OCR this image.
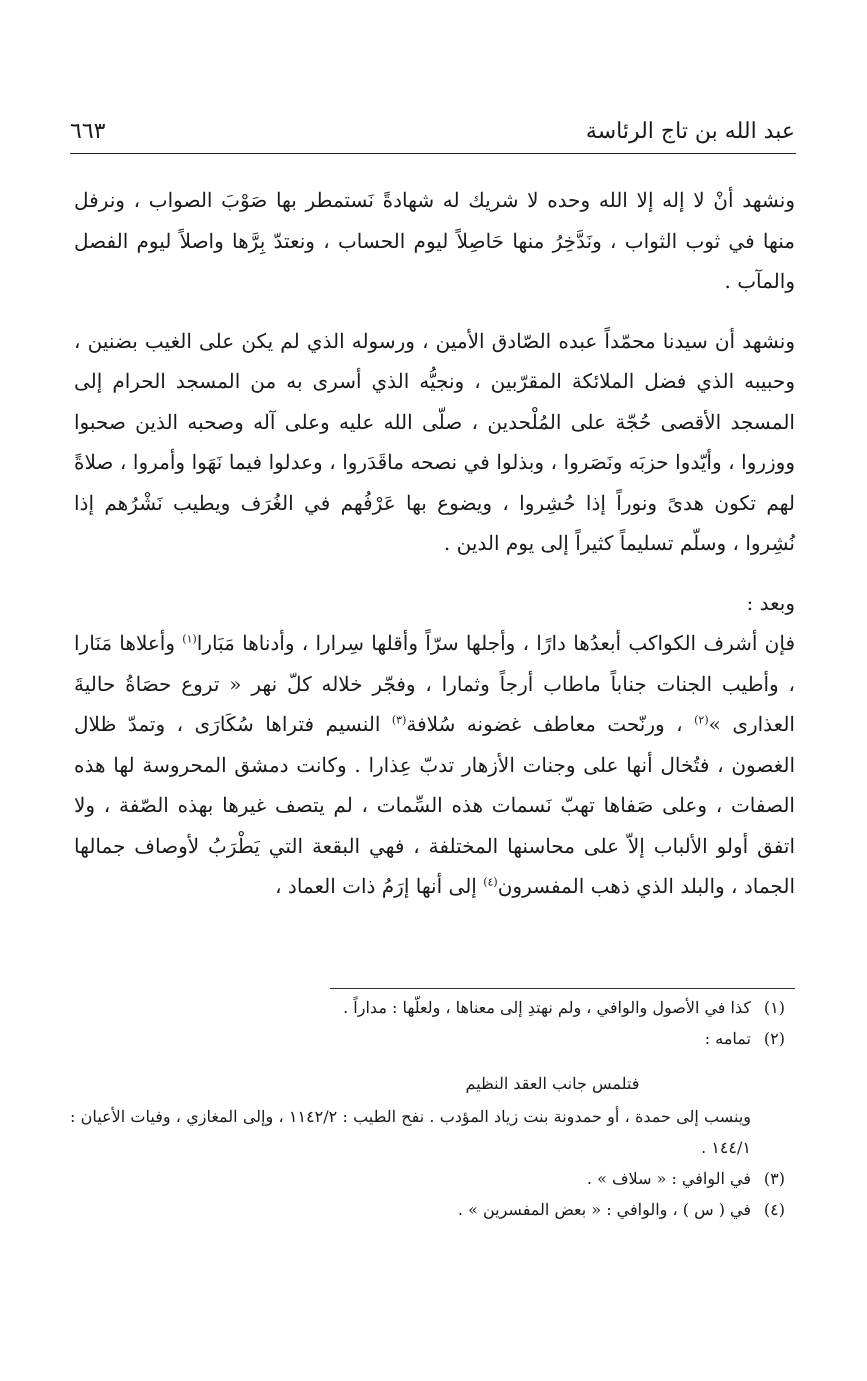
عبد الله بن تاج الرئاسة
٦٦٣

ونشهد أنْ لا إله إلا الله وحده لا شريك له شهادةً نَستمطر بها صَوْبَ الصواب ، ونرفل منها في ثوب الثواب ، ونَدَّخِرُ منها حَاصِلاً ليوم الحساب ، ونعتدّ بِرَّها واصلاً ليوم الفصل والمآب .

ونشهد أن سيدنا محمّداً عبده الصّادق الأمين ، ورسوله الذي لم يكن على الغيب بضنين ، وحبيبه الذي فضل الملائكة المقرّبين ، ونجيُّه الذي أسرى به من المسجد الحرام إلى المسجد الأقصى حُجّة على المُلْحدين ، صلّى الله عليه وعلى آله وصحبه الذين صحبوا ووزروا ، وأيّدوا حزبَه ونَصَروا ، وبذلوا في نصحه ماقَدَروا ، وعدلوا فيما نَهَوا وأمروا ، صلاةً لهم تكون هدىً ونوراً إذا حُشِروا ، ويضوع بها عَرْفُهم في الغُرَف ويطيب نَشْرُهم إذا نُشِروا ، وسلّم تسليماً كثيراً إلى يوم الدين .

وبعد :

فإن أشرف الكواكب أبعدُها دارًا ، وأجلها سرّاً وأقلها سِرارا ، وأدناها مَبَارا$^{(١)}$ وأعلاها مَنَارا ، وأطيب الجنات جناباً ماطاب أرجاً وثمارا ، وفجّر خلاله كلّ نهر « تروع حصَاةُ حاليةَ العذارى »$^{(٢)}$ ، ورنّحت معاطف غضونه سُلافة$^{(٣)}$ النسيم فتراها سُكَارَى ، وتمدّ ظلال الغصون ، فتُخال أنها على وجنات الأزهار تدبّ عِذارا . وكانت دمشق المحروسة لها هذه الصفات ، وعلى صَفاها تهبّ نَسمات هذه السِّمات ، لم يتصف غيرها بهذه الصّفة ، ولا اتفق أولو الألباب إلاّ على محاسنها المختلفة ، فهي البقعة التي يَطْرَبُ لأوصاف جمالها الجماد ، والبلد الذي ذهب المفسرون$^{(٤)}$ إلى أنها إرَمُ ذات العماد ،

(١)
كذا في الأصول والوافي ، ولم نهتدِ إلى معناها ، ولعلّها : مداراً .
(٢)
تمامه :
فتلمس جانب العقد النظيم
وينسب إلى حمدة ، أو حمدونة بنت زياد المؤدب . نفح الطيب : ١١٤٢/٢ ، وإلى المغازي ، وفيات الأعيان : ١٤٤/١ .
(٣)
في الوافي : « سلاف » .
(٤)
في ( س ) ، والوافي : « بعض المفسرين » .
